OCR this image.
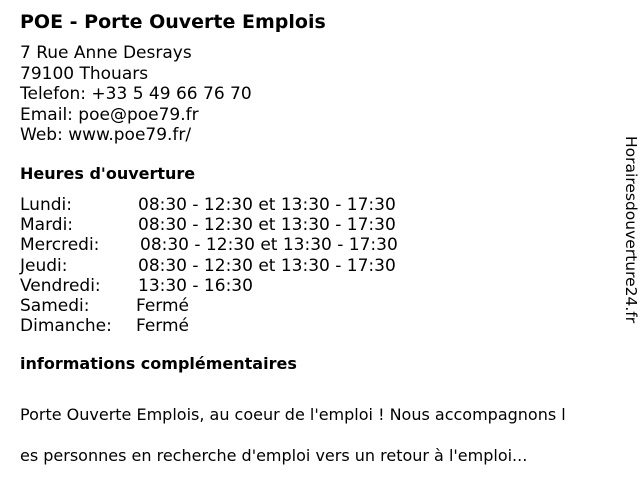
POE - Porte Ouverte Emplois
7 Rue Anne Desrays
79100 Thouars
Telefon: +33 5 49 66 76 70
Email: poe@poe79.fr
Web: www.poe79.fr/
Heures d'ouverture
Lundi:	08:30 - 12:30 et 13:30 - 17:30
Mardi:	08:30 - 12:30 et 13:30 - 17:30
Mercredi:	08:30 - 12:30 et 13:30 - 17:30
Jeudi:	08:30 - 12:30 et 13:30 - 17:30
Vendredi:	13:30 - 16:30
Samedi:	Fermé
Dimanche:	Fermé
informations complémentaires

Porte Ouverte Emplois, au coeur de l'emploi ! Nous accompagnons l

es personnes en recherche d'emploi vers un retour à l'emploi...

Horairesdouverture24.fr
